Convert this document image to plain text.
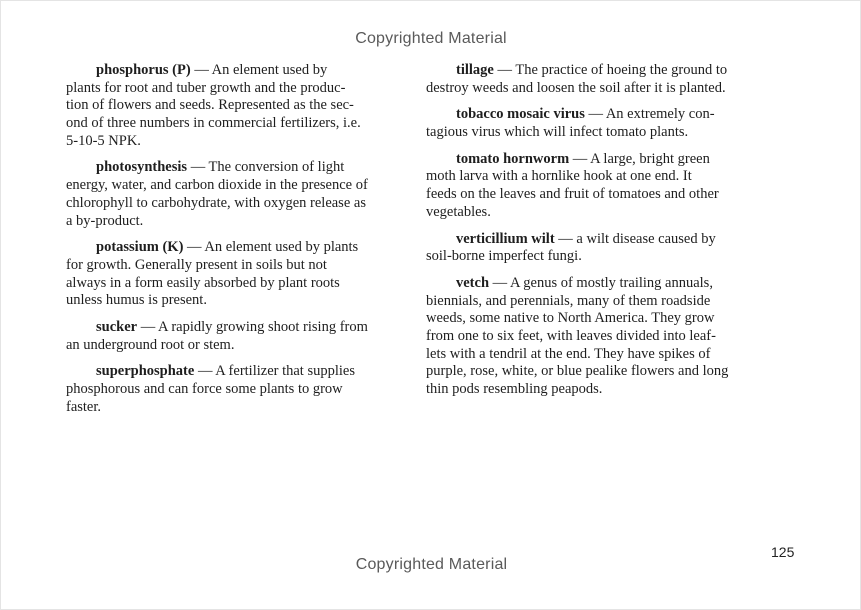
Copyrighted Material
phosphorus (P) — An element used by
plants for root and tuber growth and the produc-
tion of flowers and seeds. Represented as the sec-
ond of three numbers in commercial fertilizers, i.e.
5-10-5 NPK.
photosynthesis — The conversion of light
energy, water, and carbon dioxide in the presence of
chlorophyll to carbohydrate, with oxygen release as
a by-product.
potassium (K) — An element used by plants
for growth. Generally present in soils but not
always in a form easily absorbed by plant roots
unless humus is present.
sucker — A rapidly growing shoot rising from
an underground root or stem.
superphosphate — A fertilizer that supplies
phosphorous and can force some plants to grow
faster.
tillage — The practice of hoeing the ground to
destroy weeds and loosen the soil after it is planted.
tobacco mosaic virus — An extremely con-
tagious virus which will infect tomato plants.
tomato hornworm — A large, bright green
moth larva with a hornlike hook at one end. It
feeds on the leaves and fruit of tomatoes and other
vegetables.
verticillium wilt — a wilt disease caused by
soil-borne imperfect fungi.
vetch — A genus of mostly trailing annuals,
biennials, and perennials, many of them roadside
weeds, some native to North America. They grow
from one to six feet, with leaves divided into leaf-
lets with a tendril at the end. They have spikes of
purple, rose, white, or blue pealike flowers and long
thin pods resembling peapods.
125
Copyrighted Material
